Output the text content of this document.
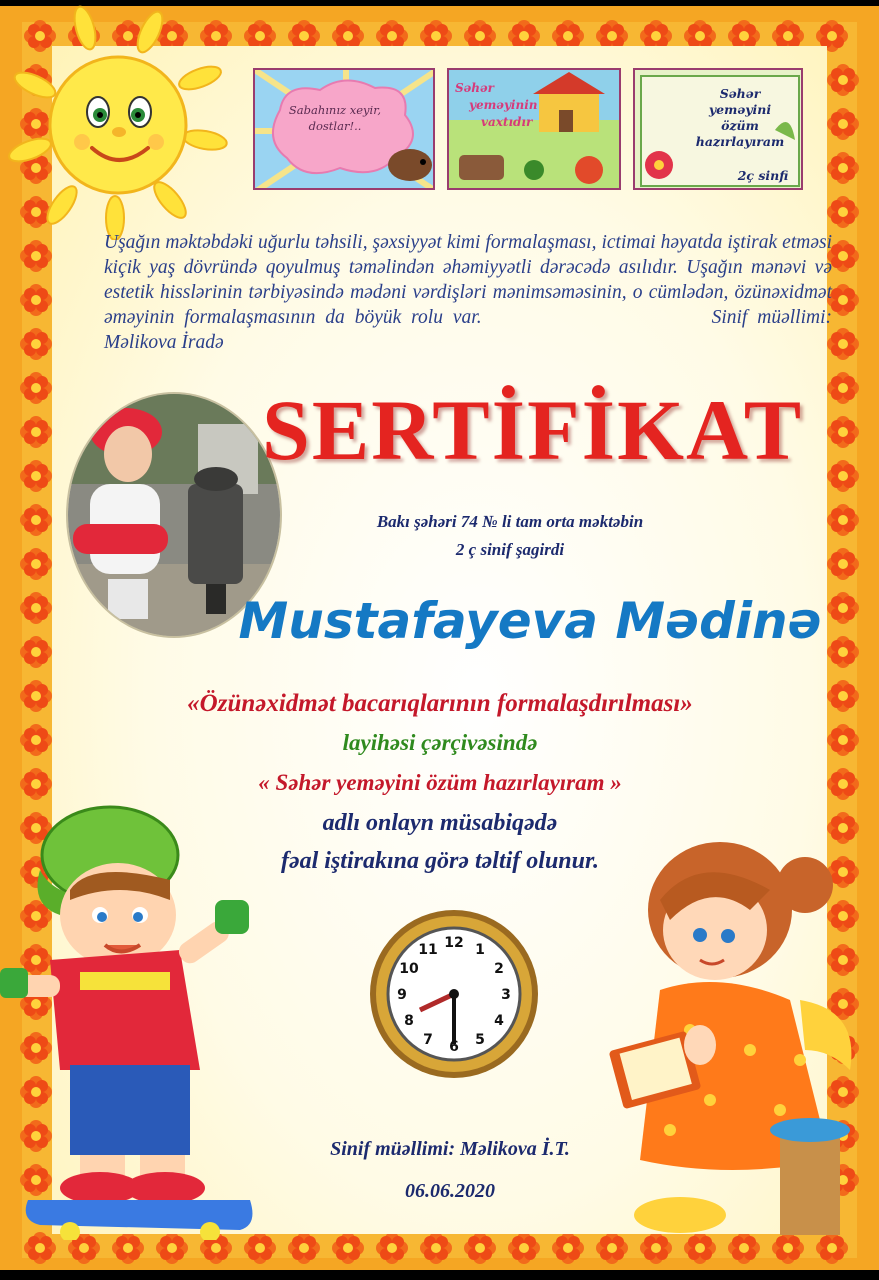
Sabahınız xeyir,
dostlar!..
Səhər
yeməyinin
vaxtıdır
Səhər
yeməyini
özüm
hazırlayıram
2ç sinfi

Uşağın məktəbdəki uğurlu təhsili, şəxsiyyət kimi formalaşması, ictimai həyatda iştirak etməsi kiçik yaş dövründə qoyulmuş təməlindən əhəmiyyətli dərəcədə asılıdır. Uşağın mənəvi və estetik hisslərinin tərbiyəsində mədəni vərdişləri mənimsəməsinin, o cümlədən, özünəxidmət əməyinin formalaşmasının da böyük rolu var.	Sinif müəllimi: Məlikova İradə

SERTİFİKAT
Bakı şəhəri 74 № li tam orta məktəbin
2 ç sinif şagirdi
Mustafayeva Mədinə
«Özünəxidmət bacarıqlarının formalaşdırılması»
layihəsi çərçivəsində
« Səhər yeməyini özüm hazırlayıram »
adlı onlayn müsabiqədə
fəal iştirakına görə təltif olunur.
12 1
2
3
4
5
6
7
8
9
10
11
Sinif müəllimi: Məlikova İ.T.
06.06.2020
